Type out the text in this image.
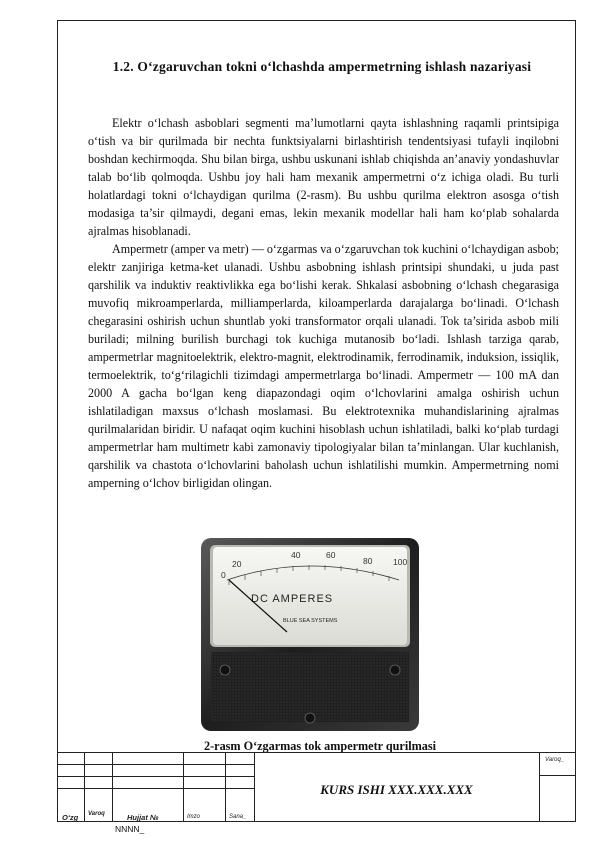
1.2. O‘zgaruvchan tokni o‘lchashda ampermetrning ishlash nazariyasi

Elektr o‘lchash asboblari segmenti ma’lumotlarni qayta ishlashning raqamli printsipiga o‘tish va bir qurilmada bir nechta funktsiyalarni birlashtirish tendentsiyasi tufayli inqilobni boshdan kechirmoqda. Shu bilan birga, ushbu uskunani ishlab chiqishda an’anaviy yondashuvlar talab bo‘lib qolmoqda. Ushbu joy hali ham mexanik ampermetrni o‘z ichiga oladi. Bu turli holatlardagi tokni o‘lchaydigan qurilma (2-rasm). Bu ushbu qurilma elektron asosga o‘tish modasiga ta’sir qilmaydi, degani emas, lekin mexanik modellar hali ham ko‘plab sohalarda ajralmas hisoblanadi.

Ampermetr (amper va metr) — o‘zgarmas va o‘zgaruvchan tok kuchini o‘lchaydigan asbob; elektr zanjiriga ketma-ket ulanadi. Ushbu asbobning ishlash printsipi shundaki, u juda past qarshilik va induktiv reaktivlikka ega bo‘lishi kerak. Shkalasi asbobning o‘lchash chegarasiga muvofiq mikroamperlarda, milliamperlarda, kiloamperlarda darajalarga bo‘linadi. O‘lchash chegarasini oshirish uchun shuntlab yoki transformator orqali ulanadi. Tok ta’sirida asbob mili buriladi; milning burilish burchagi tok kuchiga mutanosib bo‘ladi. Ishlash tarziga qarab, ampermetrlar magnitoelektrik, elektro-magnit, elektrodinamik, ferrodinamik, induksion, issiqlik, termoelektrik, to‘g‘rilagichli tizimdagi ampermetrlarga bo‘linadi. Ampermetr — 100 mA dan 2000 A gacha bo‘lgan keng diapazondagi oqim o‘lchovlarini amalga oshirish uchun ishlatiladigan maxsus o‘lchash moslamasi. Bu elektrotexnika muhandislarining ajralmas qurilmalaridan biridir. U nafaqat oqim kuchini hisoblash uchun ishlatiladi, balki ko‘plab turdagi ampermetrlar ham multimetr kabi zamonaviy tipologiyalar bilan ta’minlangan. Ular kuchlanish, qarshilik va chastota o‘lchovlarini baholash uchun ishlatilishi mumkin. Ampermetrning nomi amperning o‘lchov birligidan olingan.

0
20
40	60
80 100
DC AMPERES
BLUE SEA SYSTEMS
2-rasm O‘zgarmas tok ampermetr qurilmasi
KURS ISHI XXX.XXX.XXX
Varoq_
O‘zg Varoq	Hujjat №	Imzo	Sana_
NNNN_
